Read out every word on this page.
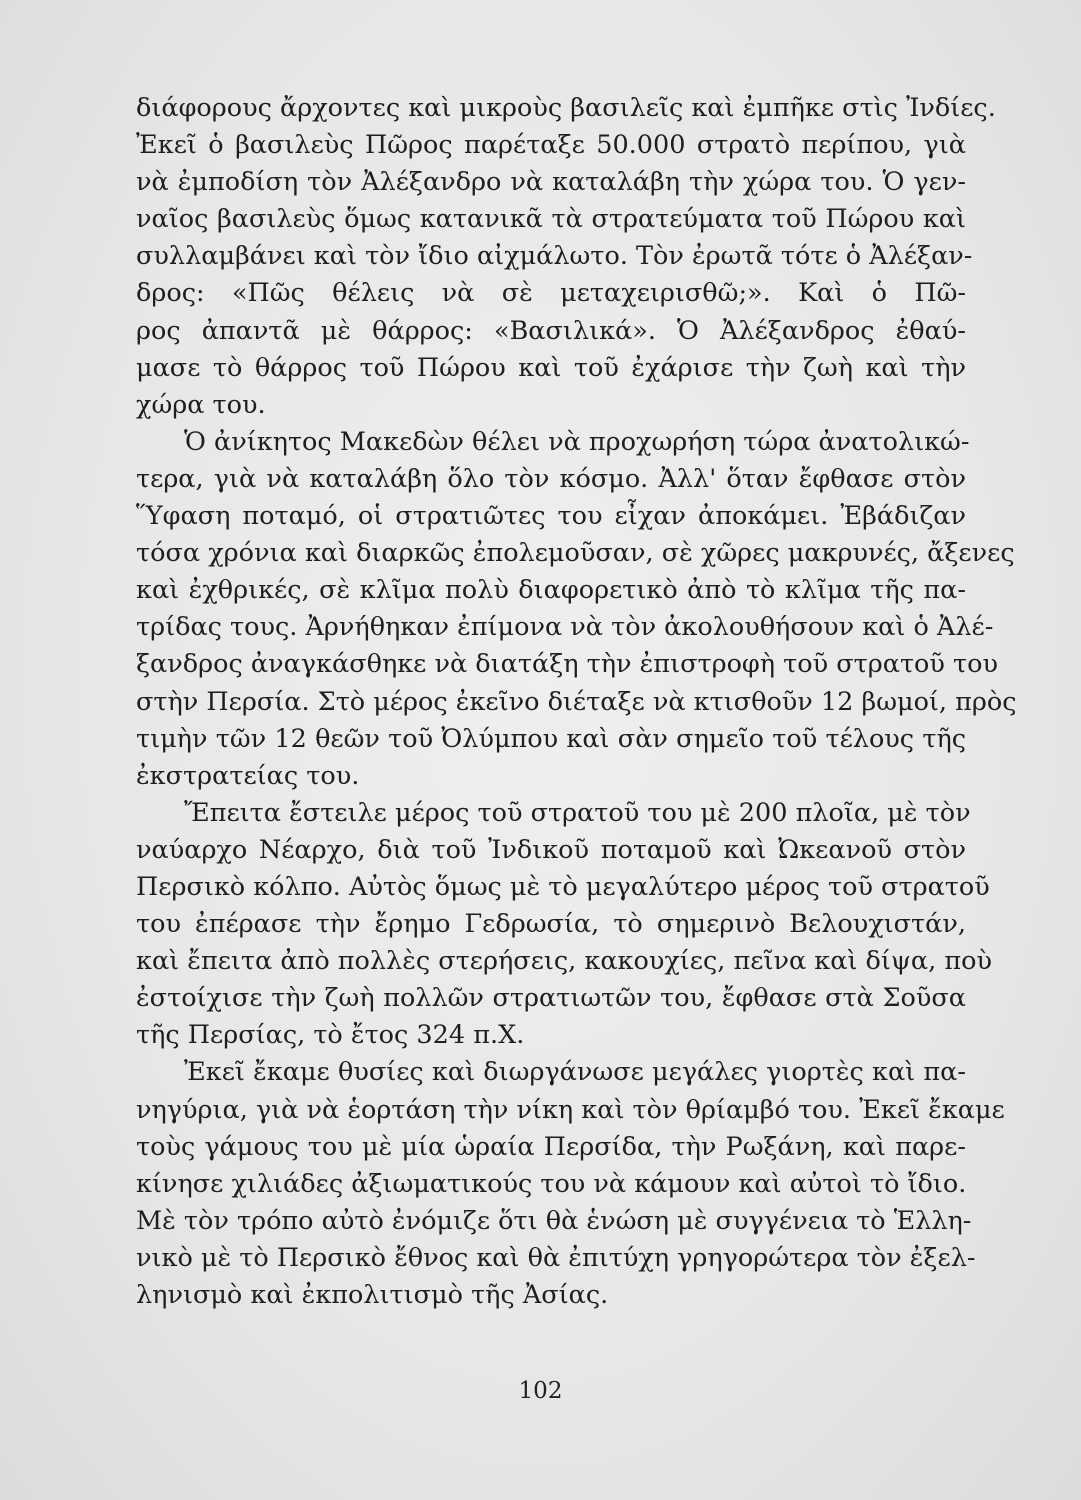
διάφορους ἄρχοντες καὶ μικροὺς βασιλεῖς καὶ ἐμπῆκε στὶς Ἰνδίες.
Ἐκεῖ ὁ βασιλεὺς Πῶρος παρέταξε 50.000 στρατὸ περίπου, γιὰ
νὰ ἐμποδίση τὸν Ἀλέξανδρο νὰ καταλάβη τὴν χώρα του. Ὁ γεν-
ναῖος βασιλεὺς ὅμως κατανικᾶ τὰ στρατεύματα τοῦ Πώρου καὶ
συλλαμβάνει καὶ τὸν ἴδιο αἰχμάλωτο. Τὸν ἐρωτᾶ τότε ὁ Ἀλέξαν-
δρος: «Πῶς θέλεις νὰ σὲ μεταχειρισθῶ;». Καὶ ὁ Πῶ-
ρος ἀπαντᾶ μὲ θάρρος: «Βασιλικά». Ὁ Ἀλέξανδρος ἐθαύ-
μασε τὸ θάρρος τοῦ Πώρου καὶ τοῦ ἐχάρισε τὴν ζωὴ καὶ τὴν
χώρα του.

Ὁ ἀνίκητος Μακεδὼν θέλει νὰ προχωρήση τώρα ἀνατολικώ-
τερα, γιὰ νὰ καταλάβη ὅλο τὸν κόσμο. Ἀλλ' ὅταν ἔφθασε στὸν
Ὕφαση ποταμό, οἱ στρατιῶτες του εἶχαν ἀποκάμει. Ἐβάδιζαν
τόσα χρόνια καὶ διαρκῶς ἐπολεμοῦσαν, σὲ χῶρες μακρυνές, ἄξενες
καὶ ἐχθρικές, σὲ κλῖμα πολὺ διαφορετικὸ ἀπὸ τὸ κλῖμα τῆς πα-
τρίδας τους. Ἀρνήθηκαν ἐπίμονα νὰ τὸν ἀκολουθήσουν καὶ ὁ Ἀλέ-
ξανδρος ἀναγκάσθηκε νὰ διατάξη τὴν ἐπιστροφὴ τοῦ στρατοῦ του
στὴν Περσία. Στὸ μέρος ἐκεῖνο διέταξε νὰ κτισθοῦν 12 βωμοί, πρὸς
τιμὴν τῶν 12 θεῶν τοῦ Ὀλύμπου καὶ σὰν σημεῖο τοῦ τέλους τῆς
ἐκστρατείας του.

Ἔπειτα ἔστειλε μέρος τοῦ στρατοῦ του μὲ 200 πλοῖα, μὲ τὸν
ναύαρχο Νέαρχο, διὰ τοῦ Ἰνδικοῦ ποταμοῦ καὶ Ὠκεανοῦ στὸν
Περσικὸ κόλπο. Αὐτὸς ὅμως μὲ τὸ μεγαλύτερο μέρος τοῦ στρατοῦ
του ἐπέρασε τὴν ἔρημο Γεδρωσία, τὸ σημερινὸ Βελουχιστάν,
καὶ ἔπειτα ἀπὸ πολλὲς στερήσεις, κακουχίες, πεῖνα καὶ δίψα, ποὺ
ἐστοίχισε τὴν ζωὴ πολλῶν στρατιωτῶν του, ἔφθασε στὰ Σοῦσα
τῆς Περσίας, τὸ ἔτος 324 π.Χ.

Ἐκεῖ ἔκαμε θυσίες καὶ διωργάνωσε μεγάλες γιορτὲς καὶ πα-
νηγύρια, γιὰ νὰ ἑορτάση τὴν νίκη καὶ τὸν θρίαμβό του. Ἐκεῖ ἔκαμε
τοὺς γάμους του μὲ μία ὡραία Περσίδα, τὴν Ρωξάνη, καὶ παρε-
κίνησε χιλιάδες ἀξιωματικούς του νὰ κάμουν καὶ αὐτοὶ τὸ ἴδιο.
Μὲ τὸν τρόπο αὐτὸ ἐνόμιζε ὅτι θὰ ἑνώση μὲ συγγένεια τὸ Ἑλλη-
νικὸ μὲ τὸ Περσικὸ ἔθνος καὶ θὰ ἐπιτύχη γρηγορώτερα τὸν ἐξελ-
ληνισμὸ καὶ ἐκπολιτισμὸ τῆς Ἀσίας.

102
